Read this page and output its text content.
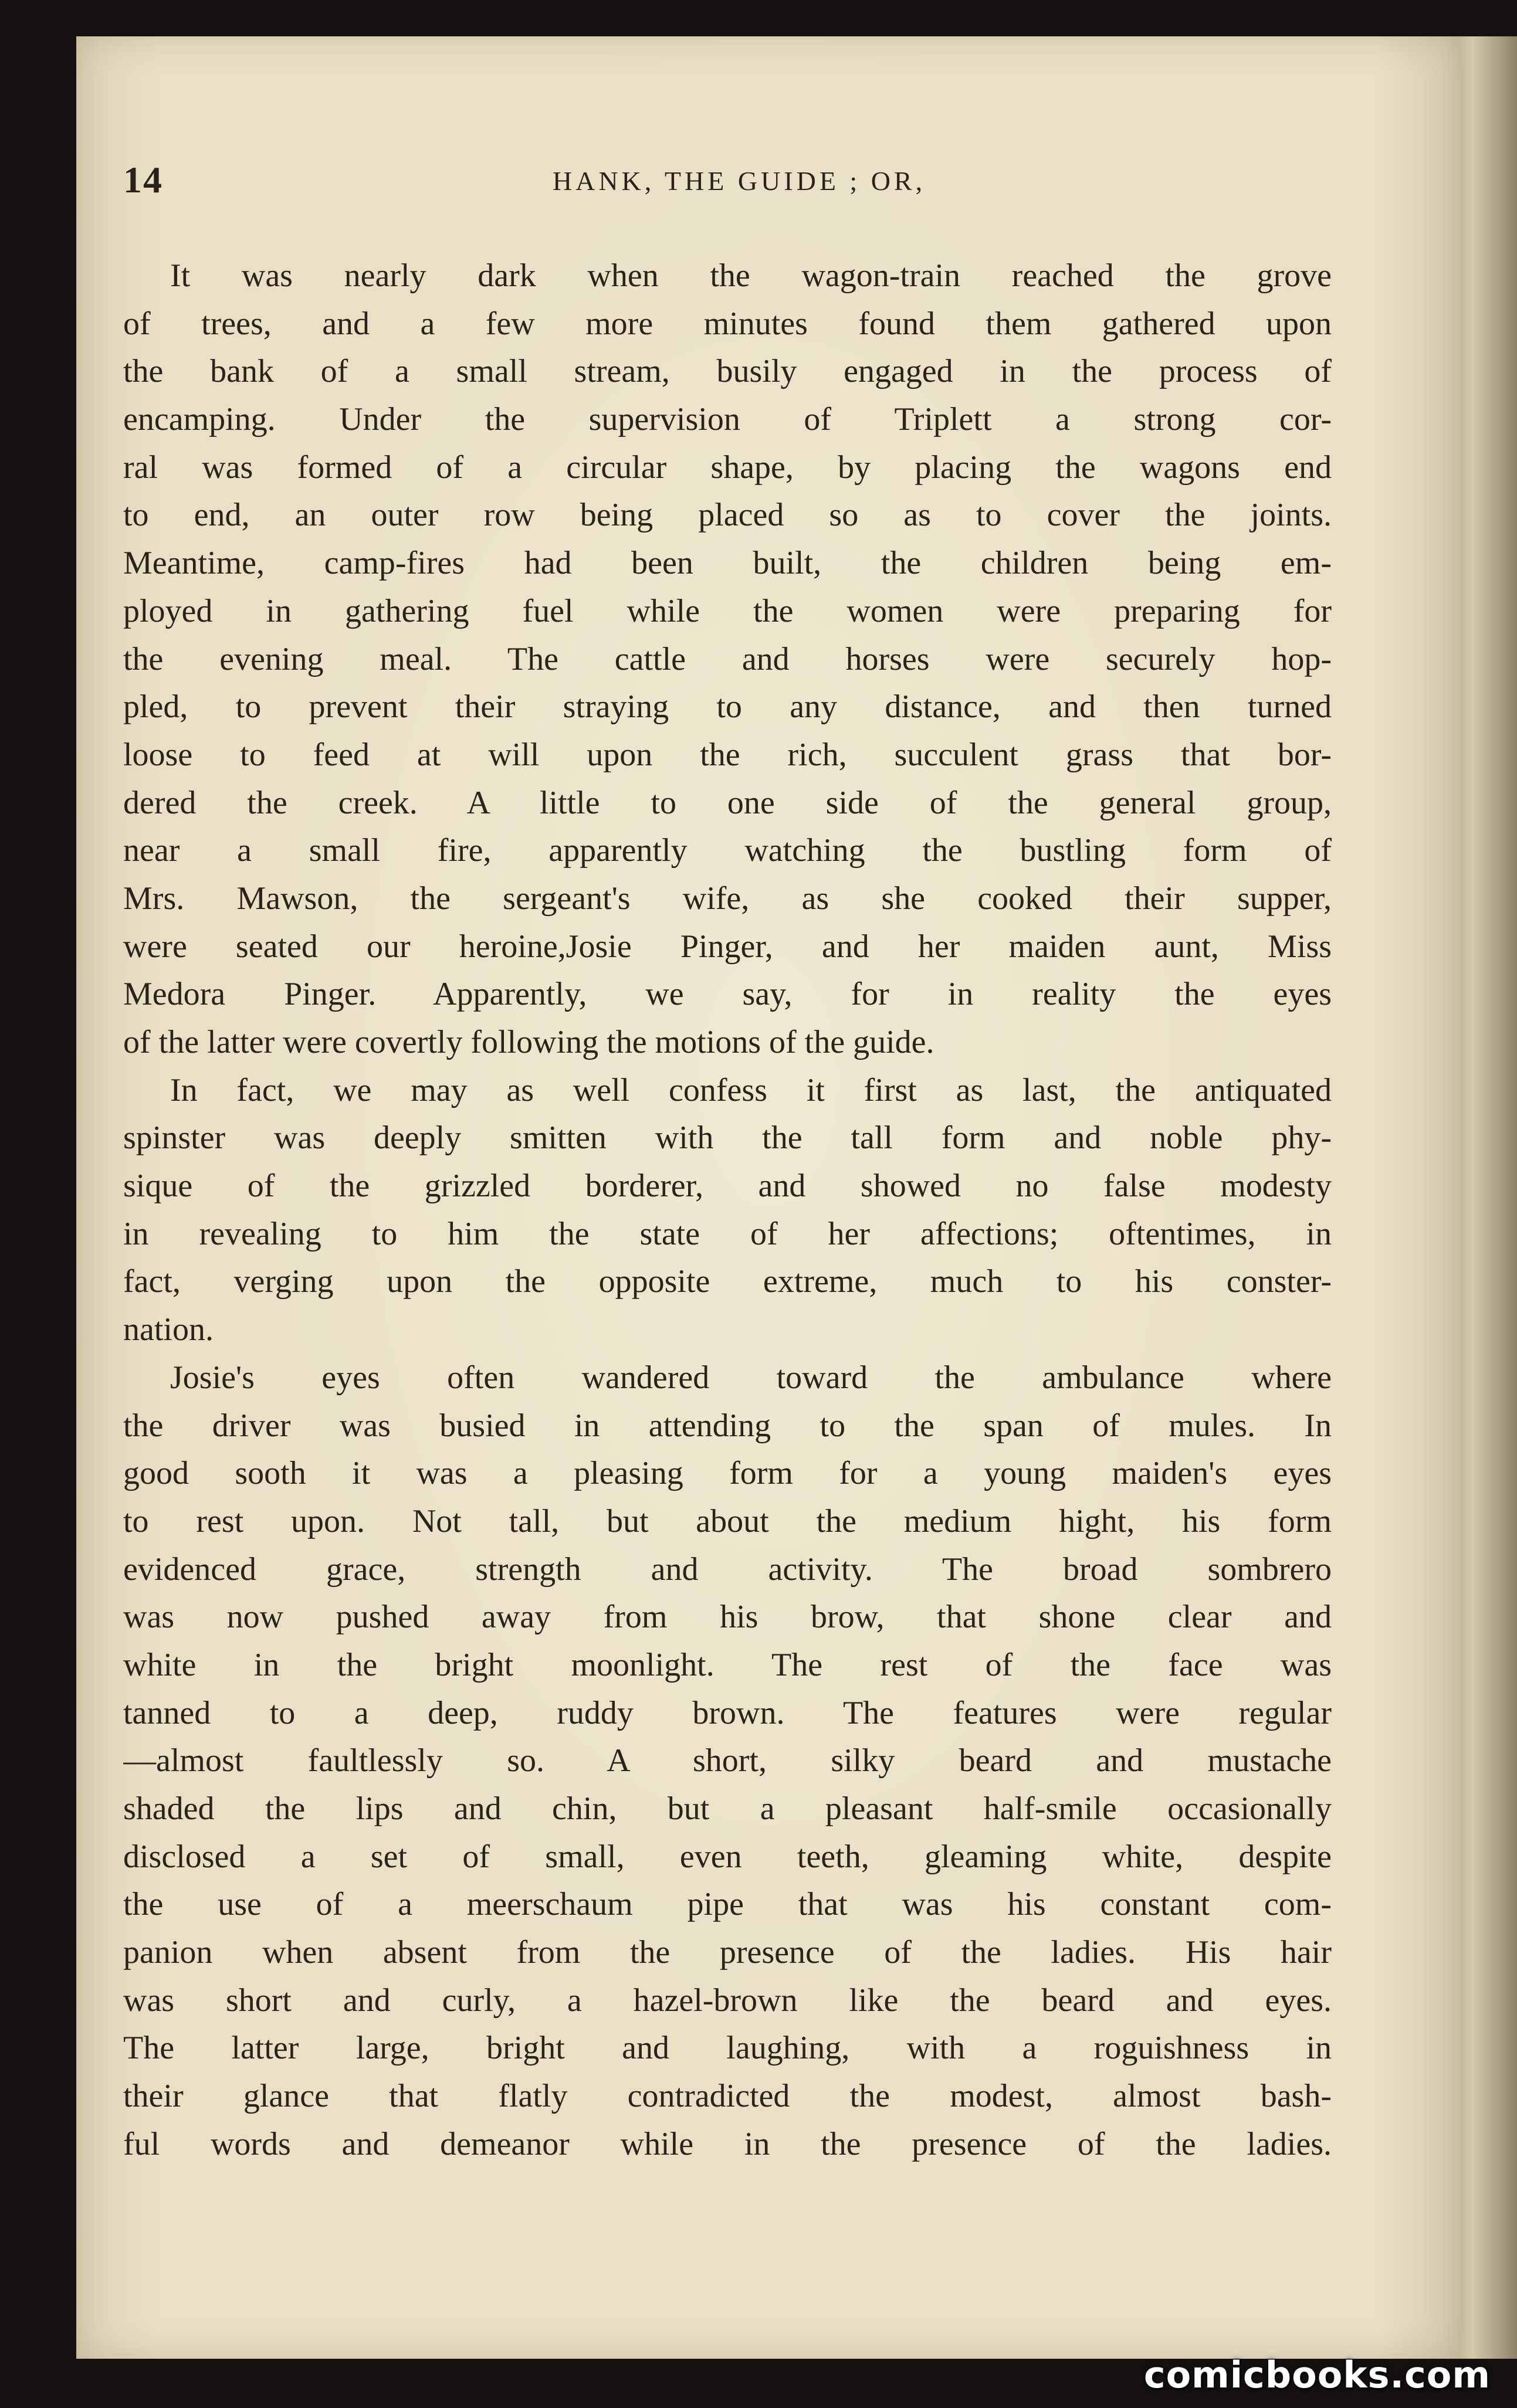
14	HANK, THE GUIDE ; OR,
It was nearly dark when the wagon-train reached the grove
of trees, and a few more minutes found them gathered upon
the bank of a small stream, busily engaged in the process of
encamping. Under the supervision of Triplett a strong cor-
ral was formed of a circular shape, by placing the wagons end
to end, an outer row being placed so as to cover the joints.
Meantime, camp-fires had been built, the children being em-
ployed in gathering fuel while the women were preparing for
the evening meal. The cattle and horses were securely hop-
pled, to prevent their straying to any distance, and then turned
loose to feed at will upon the rich, succulent grass that bor-
dered the creek. A little to one side of the general group,
near a small fire, apparently watching the bustling form of
Mrs. Mawson, the sergeant's wife, as she cooked their supper,
were seated our heroine,Josie Pinger, and her maiden aunt, Miss
Medora Pinger. Apparently, we say, for in reality the eyes
of the latter were covertly following the motions of the guide.
In fact, we may as well confess it first as last, the antiquated
spinster was deeply smitten with the tall form and noble phy-
sique of the grizzled borderer, and showed no false modesty
in revealing to him the state of her affections; oftentimes, in
fact, verging upon the opposite extreme, much to his conster-
nation.
Josie's eyes often wandered toward the ambulance where
the driver was busied in attending to the span of mules. In
good sooth it was a pleasing form for a young maiden's eyes
to rest upon. Not tall, but about the medium hight, his form
evidenced grace, strength and activity. The broad sombrero
was now pushed away from his brow, that shone clear and
white in the bright moonlight. The rest of the face was
tanned to a deep, ruddy brown. The features were regular
—almost faultlessly so. A short, silky beard and mustache
shaded the lips and chin, but a pleasant half-smile occasionally
disclosed a set of small, even teeth, gleaming white, despite
the use of a meerschaum pipe that was his constant com-
panion when absent from the presence of the ladies. His hair
was short and curly, a hazel-brown like the beard and eyes.
The latter large, bright and laughing, with a roguishness in
their glance that flatly contradicted the modest, almost bash-
ful words and demeanor while in the presence of the ladies.
comicbooks.com
